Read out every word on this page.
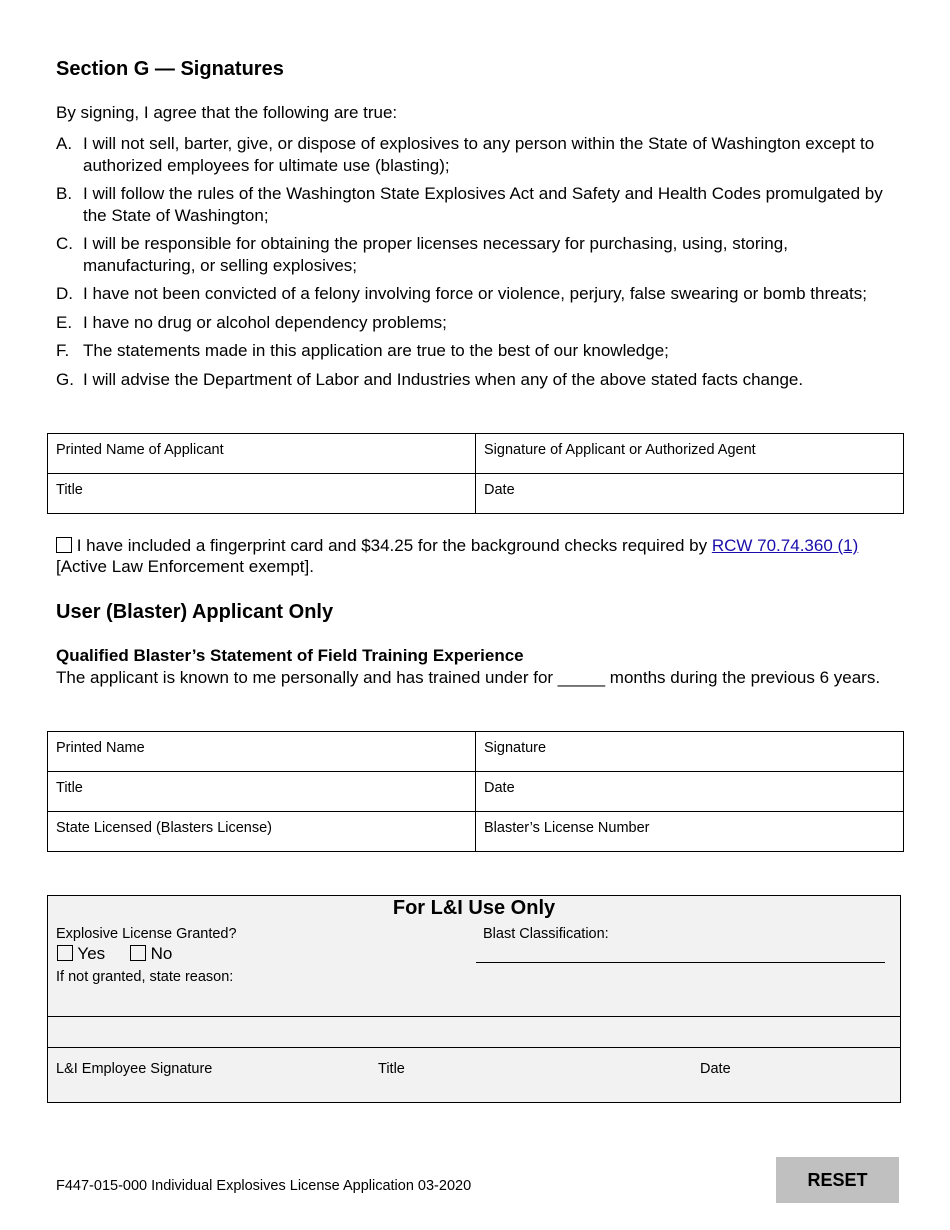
Section G — Signatures
By signing, I agree that the following are true:
A. I will not sell, barter, give, or dispose of explosives to any person within the State of Washington except to authorized employees for ultimate use (blasting);
B. I will follow the rules of the Washington State Explosives Act and Safety and Health Codes promulgated by the State of Washington;
C. I will be responsible for obtaining the proper licenses necessary for purchasing, using, storing, manufacturing, or selling explosives;
D. I have not been convicted of a felony involving force or violence, perjury, false swearing or bomb threats;
E. I have no drug or alcohol dependency problems;
F. The statements made in this application are true to the best of our knowledge;
G. I will advise the Department of Labor and Industries when any of the above stated facts change.
Printed Name of Applicant	Signature of Applicant or Authorized Agent
Title	Date
I have included a fingerprint card and $34.25 for the background checks required by RCW 70.74.360 (1) [Active Law Enforcement exempt].
User (Blaster) Applicant Only
Qualified Blaster’s Statement of Field Training Experience
The applicant is known to me personally and has trained under for _____ months during the previous 6 years.
Printed Name	Signature
Title	Date
State Licensed (Blasters License)	Blaster’s License Number
For L&I Use Only
Explosive License Granted?
Yes	No
If not granted, state reason:
Blast Classification:
L&I Employee Signature	Title	Date
F447-015-000 Individual Explosives License Application 03-2020	RESET
